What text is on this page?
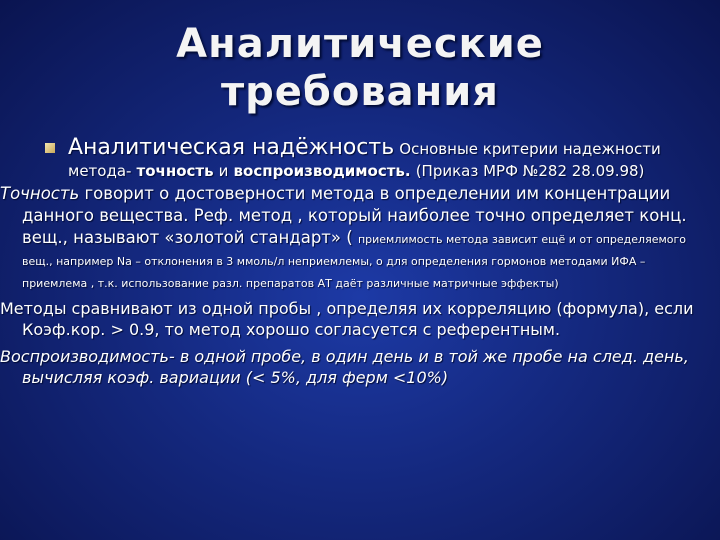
Аналитические требования
Аналитическая надёжность Основные критерии надежности метода- точность и воспроизводимость. (Приказ МРФ №282 28.09.98)
Точность говорит о достоверности метода в определении им концентрации данного вещества. Реф. метод , который наиболее точно определяет конц. вещ., называют «золотой стандарт» ( приемлимость метода зависит ещё и от определяемого вещ., например Na – отклонения в 3 ммоль/л неприемлемы, о для определения гормонов методами ИФА – приемлема , т.к. использование разл. препаратов АТ даёт различные матричные эффекты)
Методы сравнивают из одной пробы , определяя их корреляцию (формула), если Коэф.кор. > 0.9, то метод хорошо согласуется с референтным.
Воспроизводимость- в одной пробе, в один день и в той же пробе на след. день, вычисляя коэф. вариации (< 5%, для ферм <10%)
